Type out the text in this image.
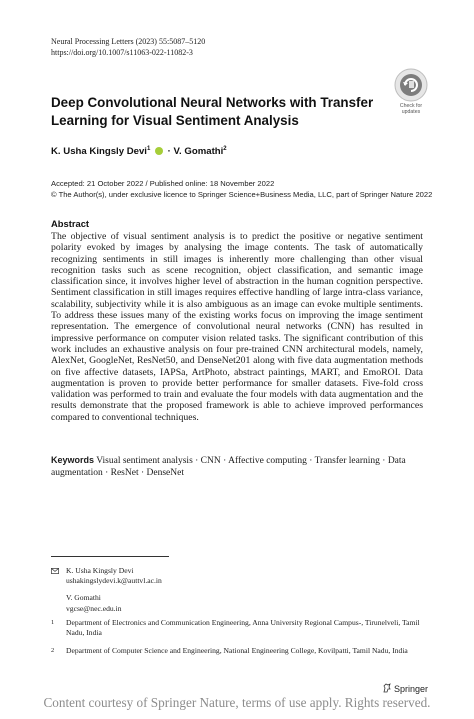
Neural Processing Letters (2023) 55:5087–5120
https://doi.org/10.1007/s11063-022-11082-3
Check for
updates
Deep Convolutional Neural Networks with Transfer Learning for Visual Sentiment Analysis
K. Usha Kingsly Devi$^1$ · V. Gomathi$^2$
Accepted: 21 October 2022 / Published online: 18 November 2022
© The Author(s), under exclusive licence to Springer Science+Business Media, LLC, part of Springer Nature 2022
Abstract
The objective of visual sentiment analysis is to predict the positive or negative sentiment polarity evoked by images by analysing the image contents. The task of automatically recognizing sentiments in still images is inherently more challenging than other visual recognition tasks such as scene recognition, object classification, and semantic image classification since, it involves higher level of abstraction in the human cognition perspective. Sentiment classification in still images requires effective handling of large intra-class variance, scalability, subjectivity while it is also ambiguous as an image can evoke multiple sentiments. To address these issues many of the existing works focus on improving the image sentiment representation. The emergence of convolutional neural networks (CNN) has resulted in impressive performance on computer vision related tasks. The significant contribution of this work includes an exhaustive analysis on four pre-trained CNN architectural models, namely, AlexNet, GoogleNet, ResNet50, and DenseNet201 along with five data augmentation methods on five affective datasets, IAPSa, ArtPhoto, abstract paintings, MART, and EmoROI. Data augmentation is proven to provide better performance for smaller datasets. Five-fold cross validation was performed to train and evaluate the four models with data augmentation and the results demonstrate that the proposed framework is able to achieve improved performances compared to conventional techniques.
Keywords Visual sentiment analysis · CNN · Affective computing · Transfer learning · Data augmentation · ResNet · DenseNet
K. Usha Kingsly Devi
ushakingslydevi.k@auttvl.ac.in
V. Gomathi
vgcse@nec.edu.in
1	Department of Electronics and Communication Engineering, Anna University Regional Campus-, Tirunelveli, Tamil Nadu, India
2	Department of Computer Science and Engineering, National Engineering College, Kovilpatti, Tamil Nadu, India
Springer
Content courtesy of Springer Nature, terms of use apply. Rights reserved.
